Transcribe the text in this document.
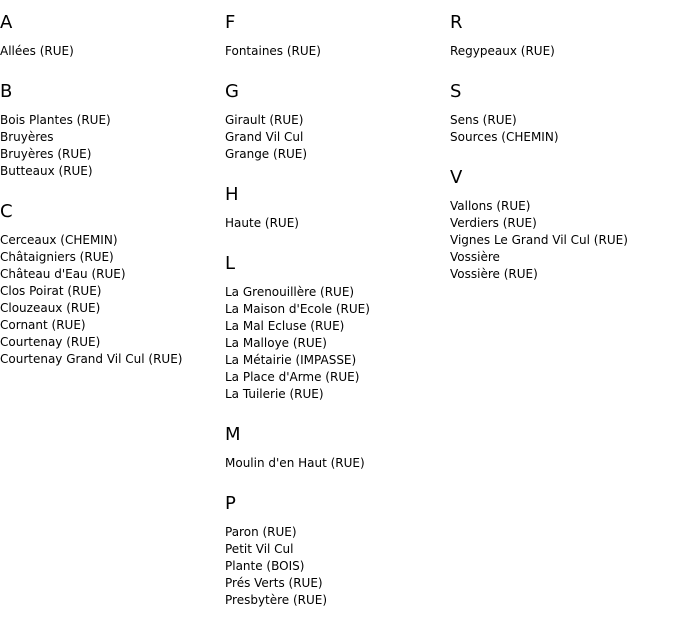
A
Allées (RUE)
B
Bois Plantes (RUE)
Bruyères
Bruyères (RUE)
Butteaux (RUE)
C
Cerceaux (CHEMIN)
Châtaigniers (RUE)
Château d'Eau (RUE)
Clos Poirat (RUE)
Clouzeaux (RUE)
Cornant (RUE)
Courtenay (RUE)
Courtenay Grand Vil Cul (RUE)
F
Fontaines (RUE)
G
Girault (RUE)
Grand Vil Cul
Grange (RUE)
H
Haute (RUE)
L
La Grenouillère (RUE)
La Maison d'Ecole (RUE)
La Mal Ecluse (RUE)
La Malloye (RUE)
La Métairie (IMPASSE)
La Place d'Arme (RUE)
La Tuilerie (RUE)
M
Moulin d'en Haut (RUE)
P
Paron (RUE)
Petit Vil Cul
Plante (BOIS)
Prés Verts (RUE)
Presbytère (RUE)
R
Regypeaux (RUE)
S
Sens (RUE)
Sources (CHEMIN)
V
Vallons (RUE)
Verdiers (RUE)
Vignes Le Grand Vil Cul (RUE)
Vossière
Vossière (RUE)
